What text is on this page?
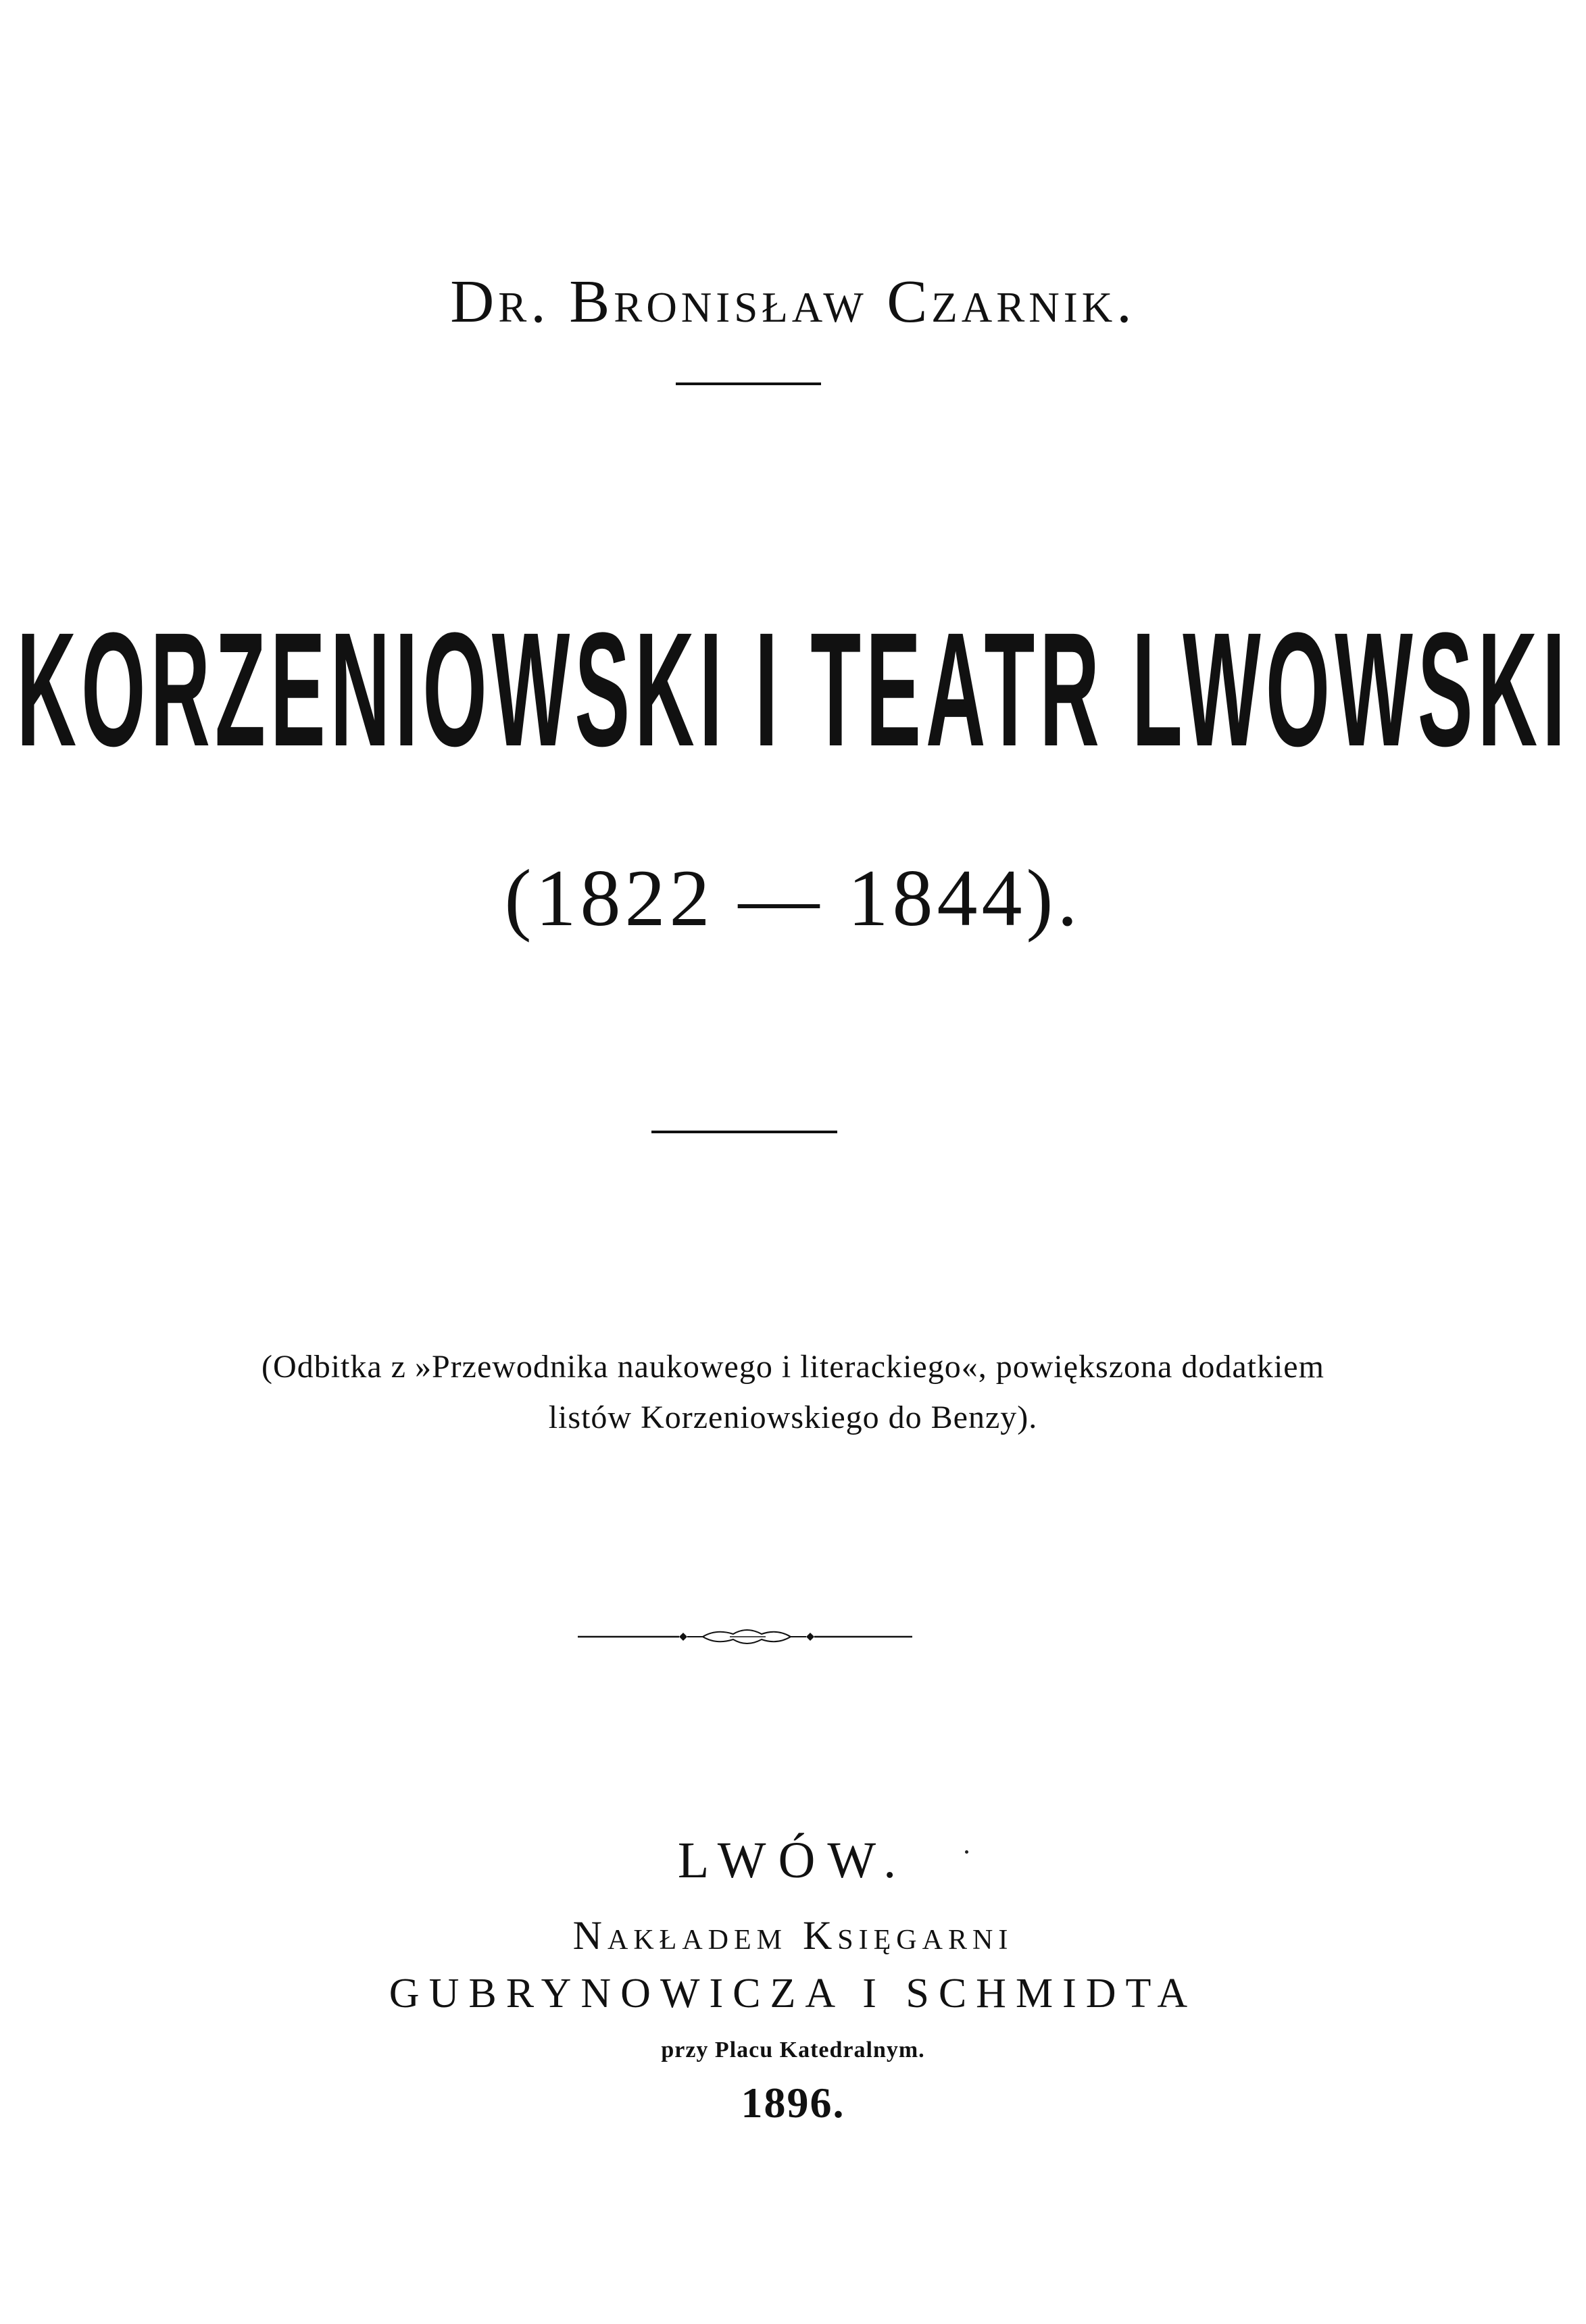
Dr. Bronisław Czarnik.
KORZENIOWSKI I TEATR LWOWSKI
(1822 — 1844).
(Odbitka z »Przewodnika naukowego i literackiego«, powiększona dodatkiem
listów Korzeniowskiego do Benzy).
LWÓW.
Nakładem Księgarni
GUBRYNOWICZA I SCHMIDTA
przy Placu Katedralnym.
1896.
